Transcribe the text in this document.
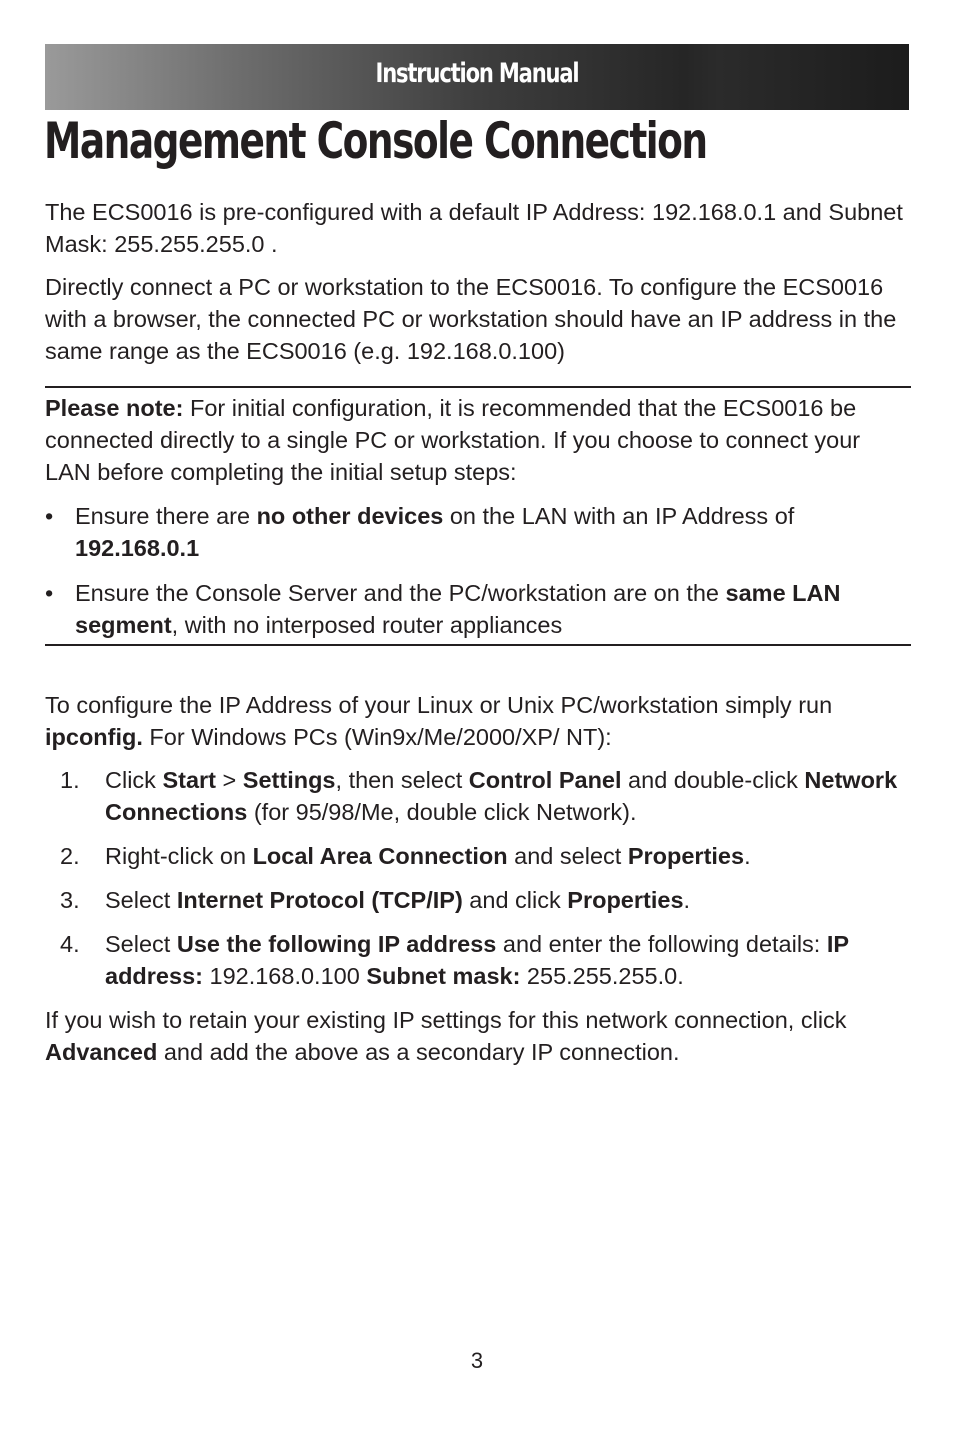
Instruction Manual
Management Console Connection

The ECS0016 is pre-configured with a default IP Address: 192.168.0.1 and Subnet Mask: 255.255.255.0 .

Directly connect a PC or workstation to the ECS0016. To configure the ECS0016 with a browser, the connected PC or workstation should have an IP address in the same range as the ECS0016 (e.g. 192.168.0.100)

Please note: For initial configuration, it is recommended that the ECS0016 be connected directly to a single PC or workstation. If you choose to connect your LAN before completing the initial setup steps:

• Ensure there are no other devices on the LAN with an IP Address of 192.168.0.1
• Ensure the Console Server and the PC/workstation are on the same LAN segment, with no interposed router appliances

To configure the IP Address of your Linux or Unix PC/workstation simply run ipconfig. For Windows PCs (Win9x/Me/2000/XP/ NT):

1. Click Start > Settings, then select Control Panel and double-click Network Connections (for 95/98/Me, double click Network).
2. Right-click on Local Area Connection and select Properties.
3. Select Internet Protocol (TCP/IP) and click Properties.
4. Select Use the following IP address and enter the following details: IP address: 192.168.0.100 Subnet mask: 255.255.255.0.

If you wish to retain your existing IP settings for this network connection, click Advanced and add the above as a secondary IP connection.

3
